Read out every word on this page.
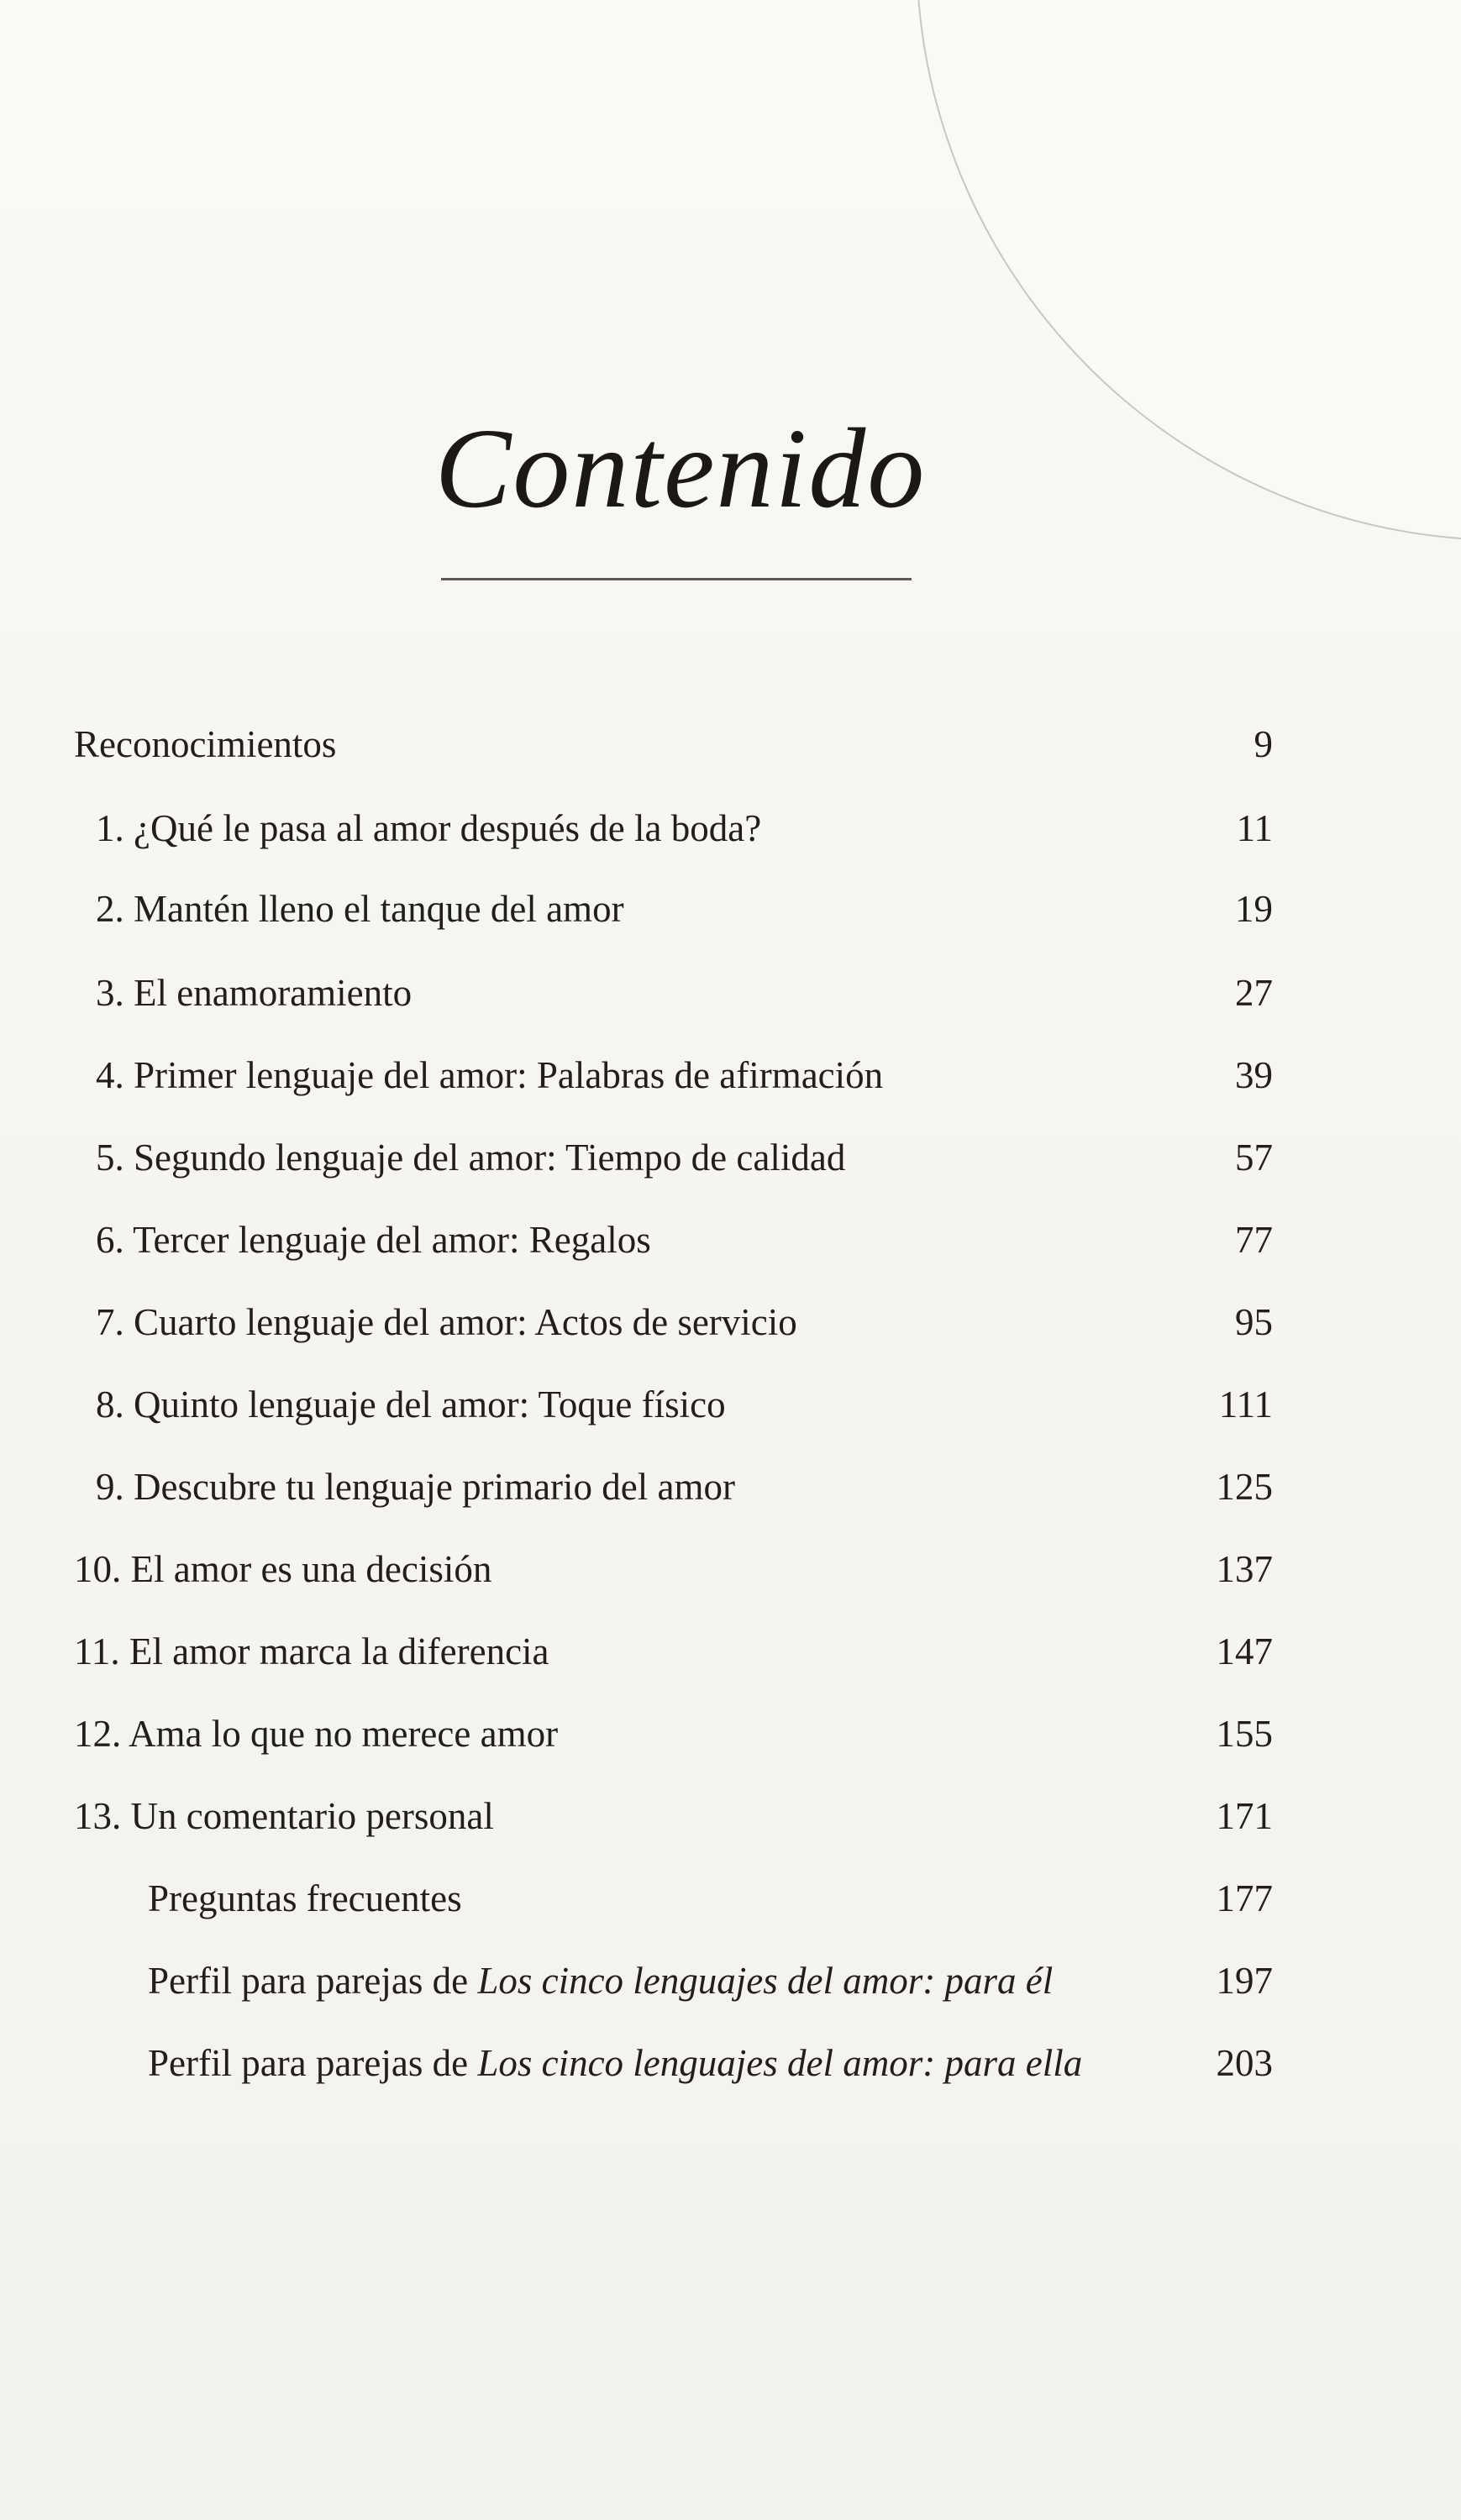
Contenido
Reconocimientos	9
1. ¿Qué le pasa al amor después de la boda?	11
2. Mantén lleno el tanque del amor	19
3. El enamoramiento	27
4. Primer lenguaje del amor: Palabras de afirmación	39
5. Segundo lenguaje del amor: Tiempo de calidad	57
6. Tercer lenguaje del amor: Regalos	77
7. Cuarto lenguaje del amor: Actos de servicio	95
8. Quinto lenguaje del amor: Toque físico	111
9. Descubre tu lenguaje primario del amor	125
10. El amor es una decisión	137
11. El amor marca la diferencia	147
12. Ama lo que no merece amor	155
13. Un comentario personal	171
Preguntas frecuentes	177
Perfil para parejas de Los cinco lenguajes del amor: para él	197
Perfil para parejas de Los cinco lenguajes del amor: para ella	203
